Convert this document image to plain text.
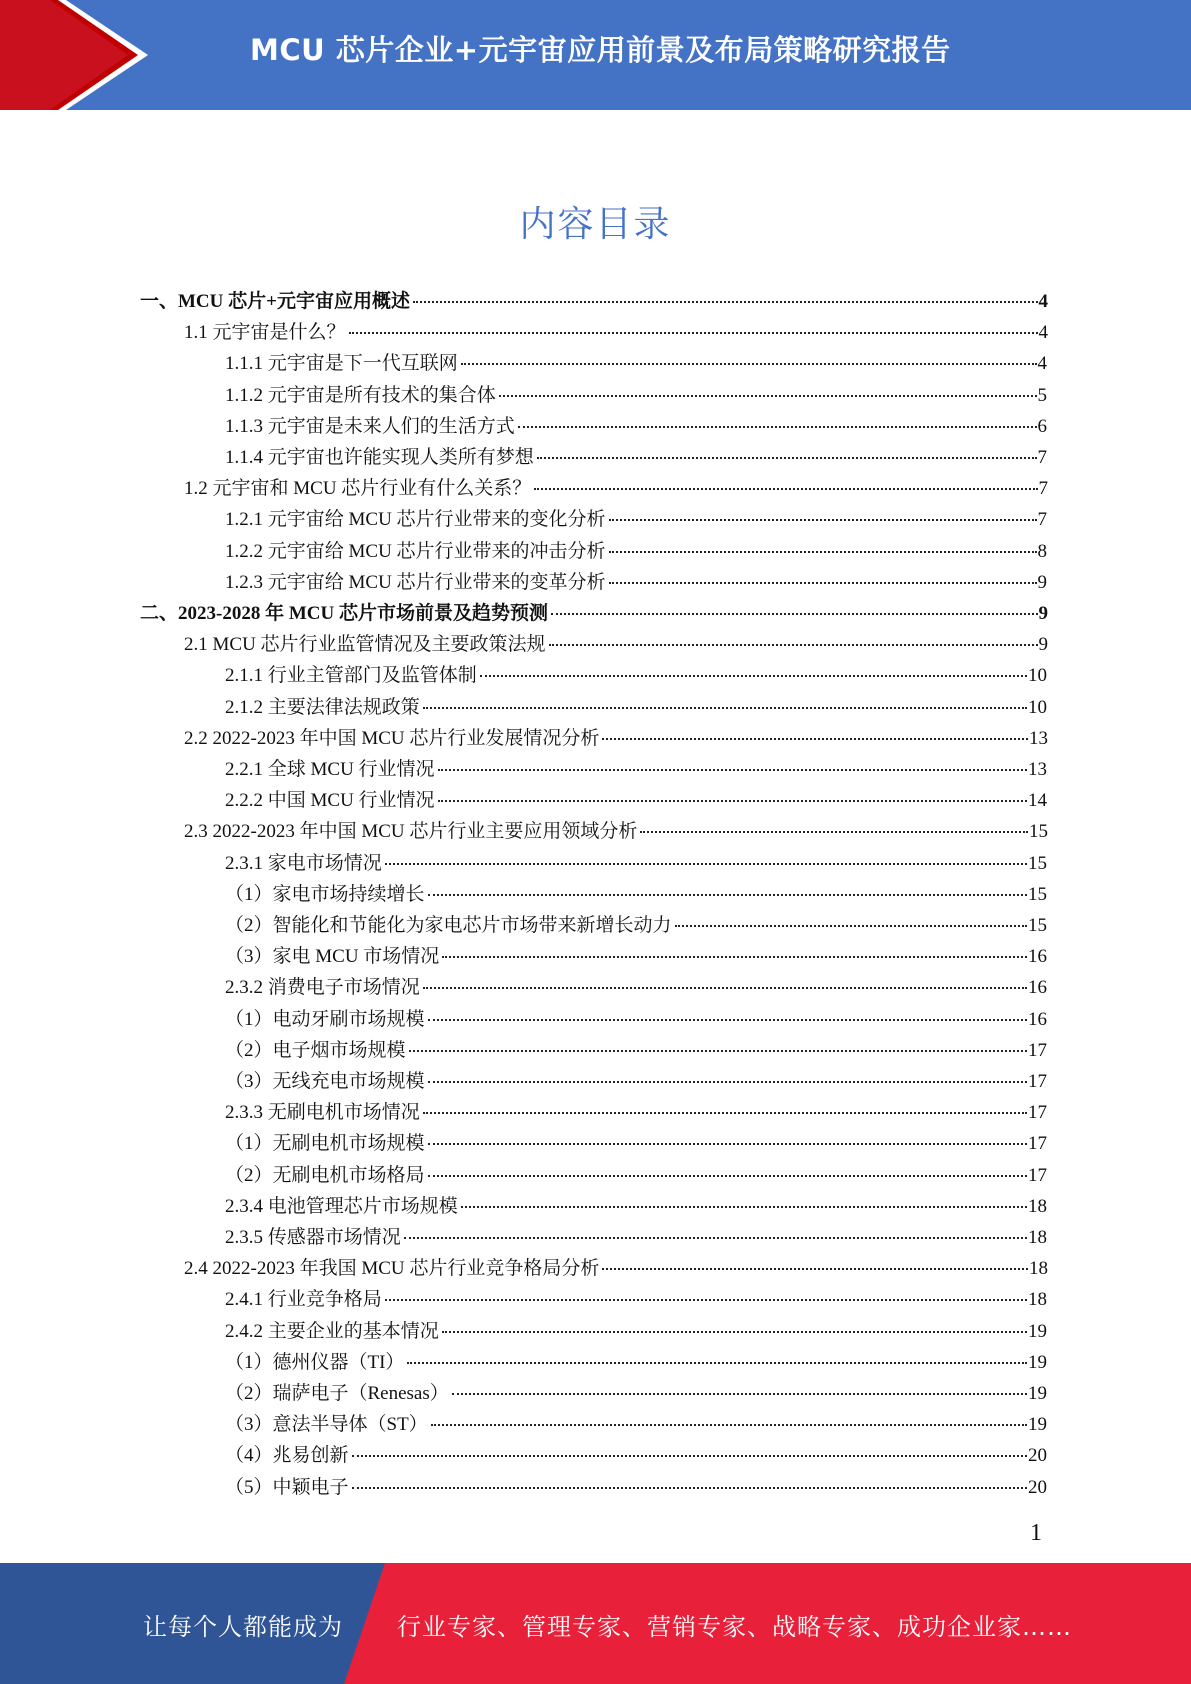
MCU 芯片企业+元宇宙应用前景及布局策略研究报告
内容目录
一、MCU 芯片+元宇宙应用概述	4
1.1 元宇宙是什么？	4
1.1.1 元宇宙是下一代互联网	4
1.1.2 元宇宙是所有技术的集合体	5
1.1.3 元宇宙是未来人们的生活方式	6
1.1.4 元宇宙也许能实现人类所有梦想	7
1.2 元宇宙和 MCU 芯片行业有什么关系？	7
1.2.1 元宇宙给 MCU 芯片行业带来的变化分析	7
1.2.2 元宇宙给 MCU 芯片行业带来的冲击分析	8
1.2.3 元宇宙给 MCU 芯片行业带来的变革分析	9
二、2023-2028 年 MCU 芯片市场前景及趋势预测	9
2.1 MCU 芯片行业监管情况及主要政策法规	9
2.1.1 行业主管部门及监管体制	10
2.1.2 主要法律法规政策	10
2.2 2022-2023 年中国 MCU 芯片行业发展情况分析	13
2.2.1 全球 MCU 行业情况	13
2.2.2 中国 MCU 行业情况	14
2.3 2022-2023 年中国 MCU 芯片行业主要应用领域分析	15
2.3.1 家电市场情况	15
（1）家电市场持续增长	15
（2）智能化和节能化为家电芯片市场带来新增长动力	15
（3）家电 MCU 市场情况	16
2.3.2 消费电子市场情况	16
（1）电动牙刷市场规模	16
（2）电子烟市场规模	17
（3）无线充电市场规模	17
2.3.3 无刷电机市场情况	17
（1）无刷电机市场规模	17
（2）无刷电机市场格局	17
2.3.4 电池管理芯片市场规模	18
2.3.5 传感器市场情况	18
2.4 2022-2023 年我国 MCU 芯片行业竞争格局分析	18
2.4.1 行业竞争格局	18
2.4.2 主要企业的基本情况	19
（1）德州仪器（TI）	19
（2）瑞萨电子（Renesas）	19
（3）意法半导体（ST）	19
（4）兆易创新	20
（5）中颖电子	20
1
让每个人都能成为 行业专家、管理专家、营销专家、战略专家、成功企业家……
